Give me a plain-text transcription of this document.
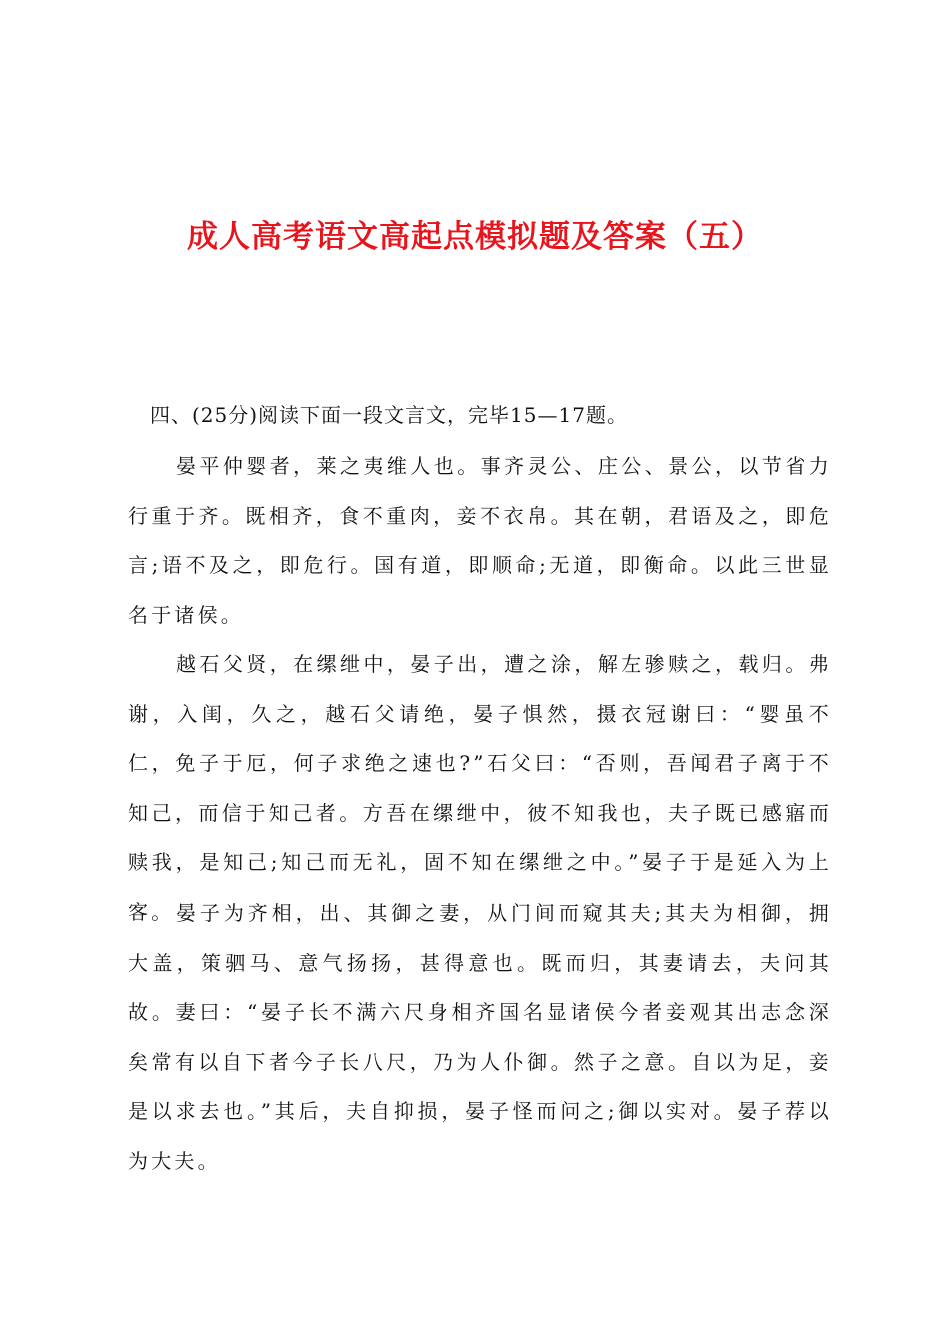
成人高考语文高起点模拟题及答案（五）
四、(25分)阅读下面一段文言文，完毕15—17题。

晏平仲婴者，莱之夷维人也。事齐灵公、庄公、景公，以节省力行重于齐。既相齐，食不重肉，妾不衣帛。其在朝，君语及之，即危言;语不及之，即危行。国有道，即顺命;无道，即衡命。以此三世显名于诸侯。

越石父贤，在缧绁中，晏子出，遭之涂，解左骖赎之，载归。弗谢，入闺，久之，越石父请绝，晏子惧然，摄衣冠谢曰：“婴虽不仁，免子于厄，何子求绝之速也?”石父曰：“否则，吾闻君子离于不知己，而信于知己者。方吾在缧绁中，彼不知我也，夫子既已感寤而赎我，是知己;知己而无礼，固不知在缧绁之中。”晏子于是延入为上客。 晏子为齐相，出、其御之妻，从门间而窥其夫;其夫为相御，拥大盖，策驷马、意气扬扬，甚得意也。既而归，其妻请去，夫问其故。妻曰：“晏子长不满六尺身相齐国名显诸侯今者妾观其出志念深矣常有以自下者今子长八尺，乃为人仆御。然子之意。自以为足，妾是以求去也。”其后，夫自抑损，晏子怪而问之;御以实对。晏子荐以为大夫。
